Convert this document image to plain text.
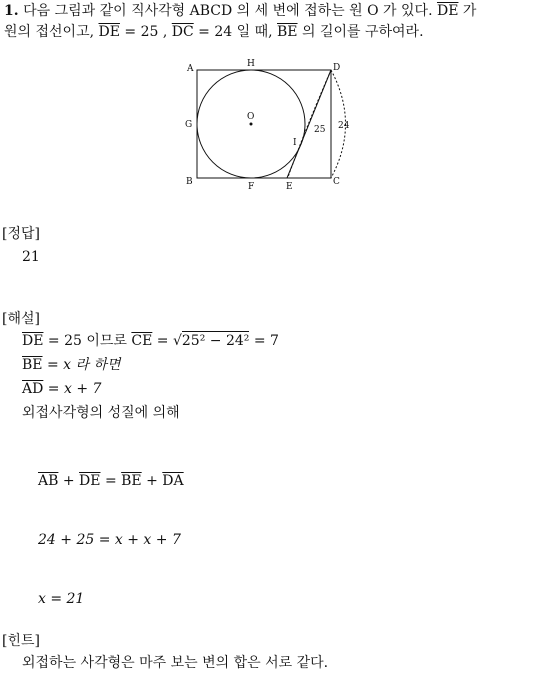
1. 다음 그림과 같이 직사각형 ABCD 의 세 변에 접하는 원 O 가 있다. $\overline{DE}$ 가
원의 접선이고, $\overline{DE} = 25$ , $\overline{DC} = 24$ 일 때, $\overline{BE}$ 의 길이를 구하여라.
A	H	D
G
O
I
25 24
B	F	E	C
[정답]
21
[해설]
$\overline{DE} = 25$ 이므로 $\overline{CE} = √25^2 - 24^2 = 7$
$\overline{BE} = x$ 라 하면
$\overline{AD} = x + 7$
외접사각형의 성질에 의해
$\overline{AB} + \overline{DE} = \overline{BE} + \overline{DA}$
24 + 25 = x + x + 7
x = 21
[힌트]
외접하는 사각형은 마주 보는 변의 합은 서로 같다.
